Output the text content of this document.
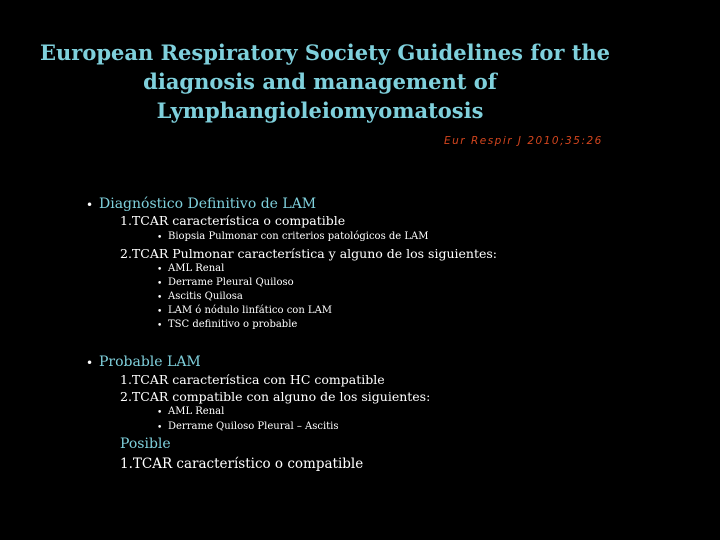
European Respiratory Society Guidelines for the
diagnosis and management of
Lymphangioleiomyomatosis
Eur Respir J 2010;35:26
• Diagnóstico Definitivo de LAM
1.TCAR característica o compatible
• Biopsia Pulmonar con criterios patológicos de LAM
2.TCAR Pulmonar característica y alguno de los siguientes:
• AML Renal
• Derrame Pleural Quiloso
• Ascitis Quilosa
• LAM ó nódulo linfático con LAM
• TSC definitivo o probable
• Probable LAM
1.TCAR característica con HC compatible
2.TCAR compatible con alguno de los siguientes:
• AML Renal
• Derrame Quiloso Pleural – Ascitis
Posible
1.TCAR característico o compatible
